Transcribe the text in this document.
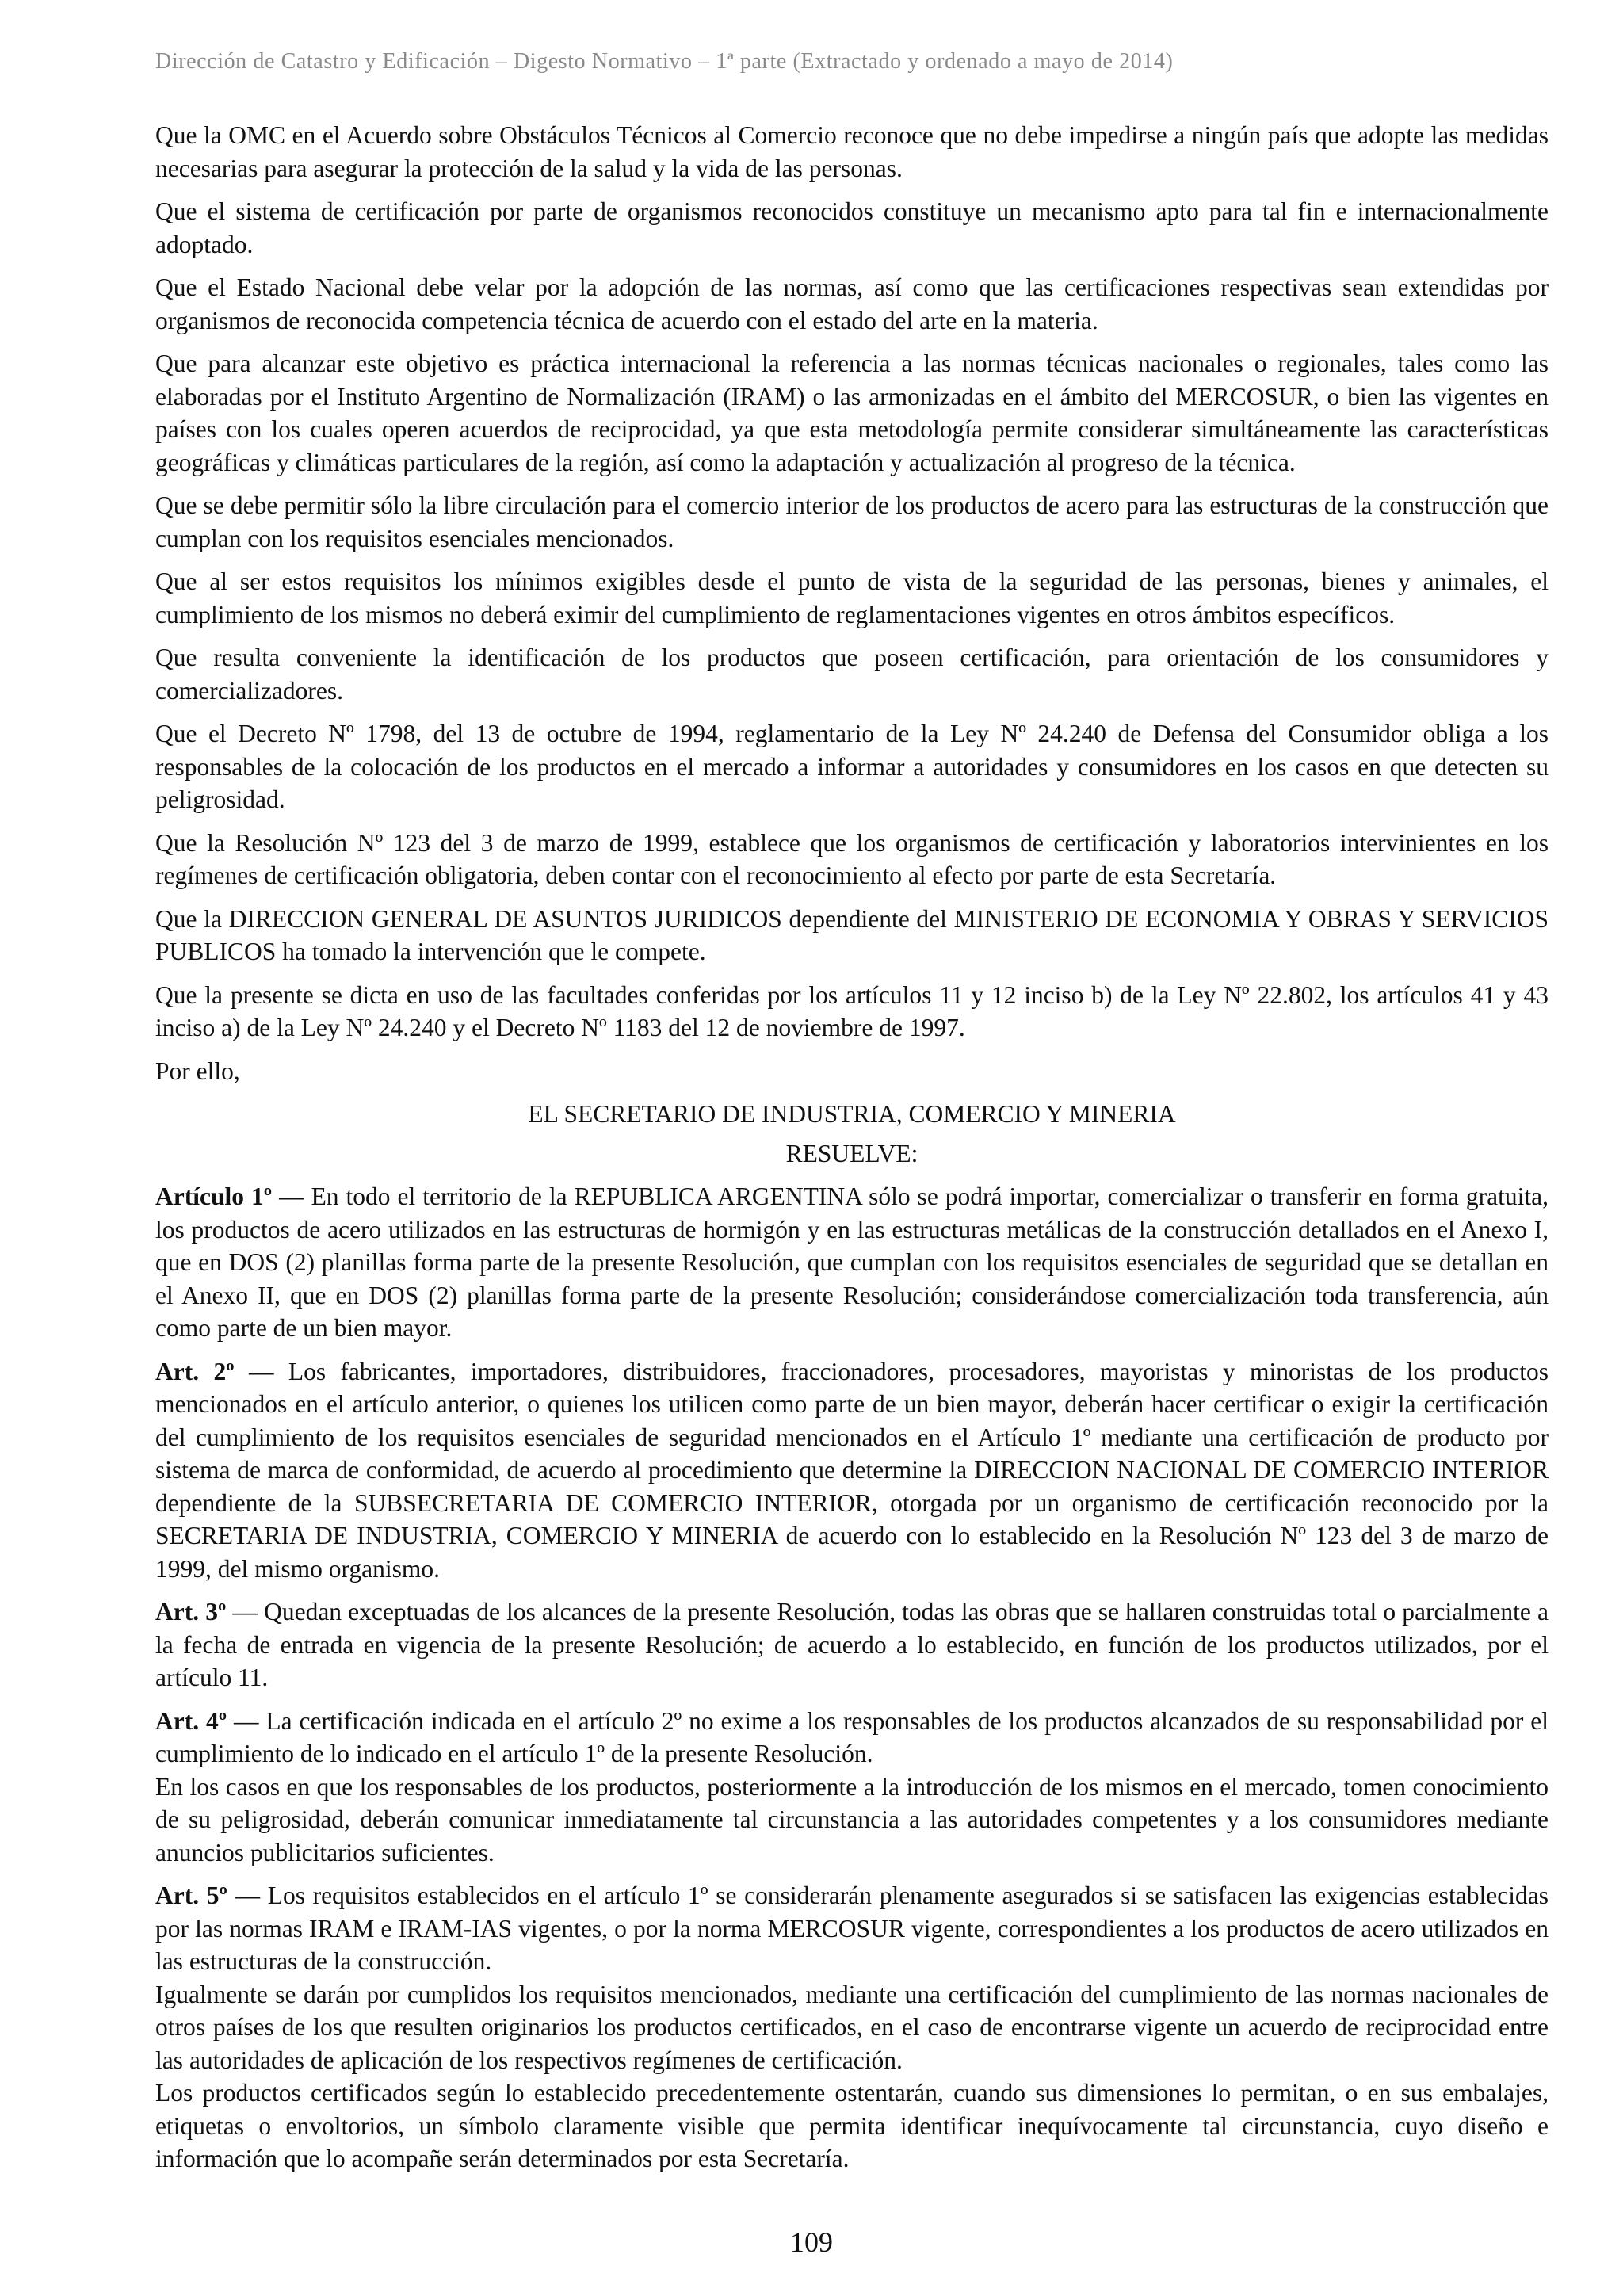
Dirección de Catastro y Edificación – Digesto Normativo – 1ª parte (Extractado y ordenado a mayo de 2014)

Que la OMC en el Acuerdo sobre Obstáculos Técnicos al Comercio reconoce que no debe impedirse a ningún país que adopte las medidas necesarias para asegurar la protección de la salud y la vida de las personas.

Que el sistema de certificación por parte de organismos reconocidos constituye un mecanismo apto para tal fin e internacionalmente adoptado.

Que el Estado Nacional debe velar por la adopción de las normas, así como que las certificaciones respectivas sean extendidas por organismos de reconocida competencia técnica de acuerdo con el estado del arte en la materia.

Que para alcanzar este objetivo es práctica internacional la referencia a las normas técnicas nacionales o regionales, tales como las elaboradas por el Instituto Argentino de Normalización (IRAM) o las armonizadas en el ámbito del MERCOSUR, o bien las vigentes en países con los cuales operen acuerdos de reciprocidad, ya que esta metodología permite considerar simultáneamente las características geográficas y climáticas particulares de la región, así como la adaptación y actualización al progreso de la técnica.

Que se debe permitir sólo la libre circulación para el comercio interior de los productos de acero para las estructuras de la construcción que cumplan con los requisitos esenciales mencionados.

Que al ser estos requisitos los mínimos exigibles desde el punto de vista de la seguridad de las personas, bienes y animales, el cumplimiento de los mismos no deberá eximir del cumplimiento de reglamentaciones vigentes en otros ámbitos específicos.

Que resulta conveniente la identificación de los productos que poseen certificación, para orientación de los consumidores y comercializadores.

Que el Decreto Nº 1798, del 13 de octubre de 1994, reglamentario de la Ley Nº 24.240 de Defensa del Consumidor obliga a los responsables de la colocación de los productos en el mercado a informar a autoridades y consumidores en los casos en que detecten su peligrosidad.

Que la Resolución Nº 123 del 3 de marzo de 1999, establece que los organismos de certificación y laboratorios intervinientes en los regímenes de certificación obligatoria, deben contar con el reconocimiento al efecto por parte de esta Secretaría.

Que la DIRECCION GENERAL DE ASUNTOS JURIDICOS dependiente del MINISTERIO DE ECONOMIA Y OBRAS Y SERVICIOS PUBLICOS ha tomado la intervención que le compete.

Que la presente se dicta en uso de las facultades conferidas por los artículos 11 y 12 inciso b) de la Ley Nº 22.802, los artículos 41 y 43 inciso a) de la Ley Nº 24.240 y el Decreto Nº 1183 del 12 de noviembre de 1997.

Por ello,

EL SECRETARIO DE INDUSTRIA, COMERCIO Y MINERIA

RESUELVE:

Artículo 1º — En todo el territorio de la REPUBLICA ARGENTINA sólo se podrá importar, comercializar o transferir en forma gratuita, los productos de acero utilizados en las estructuras de hormigón y en las estructuras metálicas de la construcción detallados en el Anexo I, que en DOS (2) planillas forma parte de la presente Resolución, que cumplan con los requisitos esenciales de seguridad que se detallan en el Anexo II, que en DOS (2) planillas forma parte de la presente Resolución; considerándose comercialización toda transferencia, aún como parte de un bien mayor.

Art. 2º — Los fabricantes, importadores, distribuidores, fraccionadores, procesadores, mayoristas y minoristas de los productos mencionados en el artículo anterior, o quienes los utilicen como parte de un bien mayor, deberán hacer certificar o exigir la certificación del cumplimiento de los requisitos esenciales de seguridad mencionados en el Artículo 1º mediante una certificación de producto por sistema de marca de conformidad, de acuerdo al procedimiento que determine la DIRECCION NACIONAL DE COMERCIO INTERIOR dependiente de la SUBSECRETARIA DE COMERCIO INTERIOR, otorgada por un organismo de certificación reconocido por la SECRETARIA DE INDUSTRIA, COMERCIO Y MINERIA de acuerdo con lo establecido en la Resolución Nº 123 del 3 de marzo de 1999, del mismo organismo.

Art. 3º — Quedan exceptuadas de los alcances de la presente Resolución, todas las obras que se hallaren construidas total o parcialmente a la fecha de entrada en vigencia de la presente Resolución; de acuerdo a lo establecido, en función de los productos utilizados, por el artículo 11.

Art. 4º — La certificación indicada en el artículo 2º no exime a los responsables de los productos alcanzados de su responsabilidad por el cumplimiento de lo indicado en el artículo 1º de la presente Resolución.

En los casos en que los responsables de los productos, posteriormente a la introducción de los mismos en el mercado, tomen conocimiento de su peligrosidad, deberán comunicar inmediatamente tal circunstancia a las autoridades competentes y a los consumidores mediante anuncios publicitarios suficientes.

Art. 5º — Los requisitos establecidos en el artículo 1º se considerarán plenamente asegurados si se satisfacen las exigencias establecidas por las normas IRAM e IRAM-IAS vigentes, o por la norma MERCOSUR vigente, correspondientes a los productos de acero utilizados en las estructuras de la construcción.

Igualmente se darán por cumplidos los requisitos mencionados, mediante una certificación del cumplimiento de las normas nacionales de otros países de los que resulten originarios los productos certificados, en el caso de encontrarse vigente un acuerdo de reciprocidad entre las autoridades de aplicación de los respectivos regímenes de certificación.

Los productos certificados según lo establecido precedentemente ostentarán, cuando sus dimensiones lo permitan, o en sus embalajes, etiquetas o envoltorios, un símbolo claramente visible que permita identificar inequívocamente tal circunstancia, cuyo diseño e información que lo acompañe serán determinados por esta Secretaría.

109
